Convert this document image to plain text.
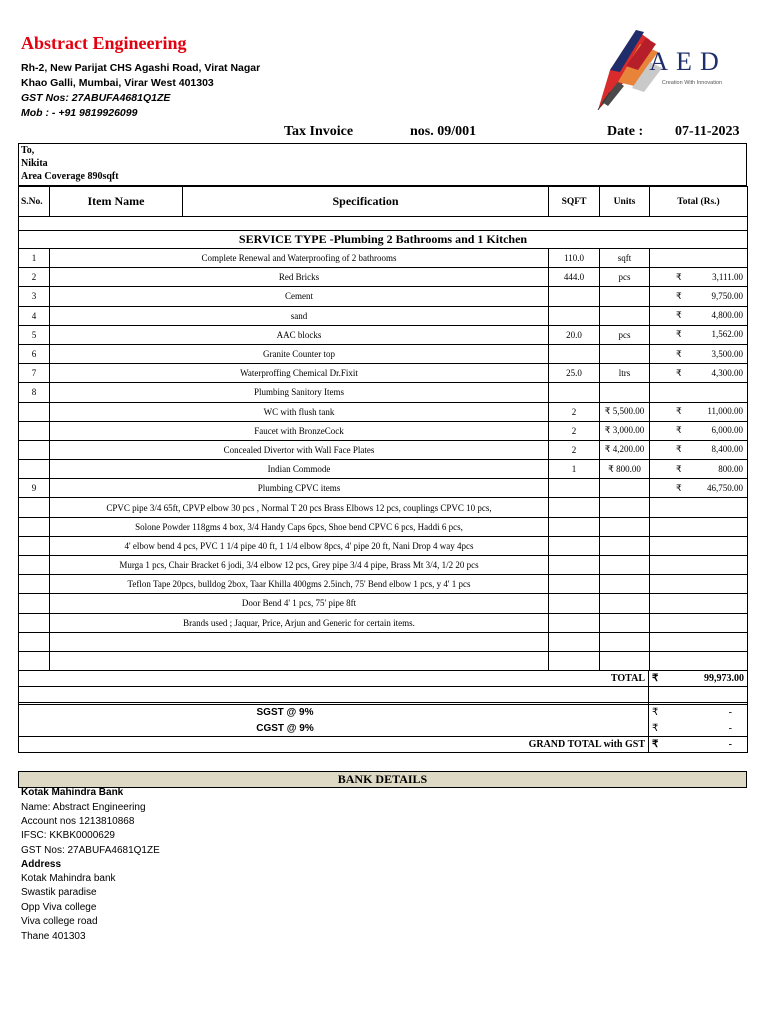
Abstract Engineering
Rh-2, New Parijat CHS Agashi Road, Virat Nagar
Khao Galli, Mumbai, Virar West 401303
GST Nos: 27ABUFA4681Q1ZE
Mob : - +91 9819926099
AED
Creation With Innovation
Tax Invoice	nos. 09/001	Date : 07-11-2023
To,
Nikita
Area Coverage 890sqft
S.No.	Item Name	Specification	SQFT	Units	Total (Rs.)

SERVICE TYPE -Plumbing 2 Bathrooms and 1 Kitchen					
1	Complete Renewal and Waterproofing of 2 bathrooms		110.0	sqft	

2	Red Bricks		444.0	pcs	₹ 3,111.00
3	Cement				₹ 9,750.00
4	sand				₹ 4,800.00
5	AAC blocks		20.0	pcs	₹ 1,562.00
6	Granite Counter top				₹ 3,500.00
7	Waterproffing Chemical Dr.Fixit		25.0	ltrs	₹ 4,300.00
8	Plumbing Sanitory Items				

	WC with flush tank		2	₹ 5,500.00	₹ 11,000.00
	Faucet with BronzeCock		2	₹ 3,000.00	₹ 6,000.00
	Concealed Divertor with Wall Face Plates		2	₹ 4,200.00	₹ 8,400.00
	Indian Commode		1	₹ 800.00	₹ 800.00
9	Plumbing CPVC items				₹ 46,750.00
	CPVC pipe 3/4 65ft, CPVP elbow 30 pcs , Normal T 20 pcs Brass Elbows 12 pcs, couplings CPVC 10 pcs,				

	Solone Powder 118gms 4 box, 3/4 Handy Caps 6pcs, Shoe bend CPVC 6 pcs, Haddi 6 pcs,				

	4' elbow bend 4 pcs, PVC 1 1/4 pipe 40 ft, 1 1/4 elbow 8pcs, 4' pipe 20 ft, Nani Drop 4 way 4pcs				

	Murga 1 pcs, Chair Bracket 6 jodi, 3/4 elbow 12 pcs, Grey pipe 3/4 4 pipe, Brass Mt 3/4, 1/2 20 pcs				

	Teflon Tape 20pcs, bulldog 2box, Taar Khilla 400gms 2.5inch, 75' Bend elbow 1 pcs, y 4' 1 pcs				

	Door Bend 4' 1 pcs, 75' pipe 8ft				

	Brands used ; Jaquar, Price, Arjun and Generic for certain items.				

TOTAL	₹ 99,973.00

SGST @ 9%	₹ -

CGST @ 9%	₹ -

GRAND TOTAL with GST	₹ -
BANK DETAILS
Kotak Mahindra Bank
Name: Abstract Engineering
Account nos 1213810868
IFSC: KKBK0000629
GST Nos: 27ABUFA4681Q1ZE
Address
Kotak Mahindra bank
Swastik paradise
Opp Viva college
Viva college road
Thane 401303
